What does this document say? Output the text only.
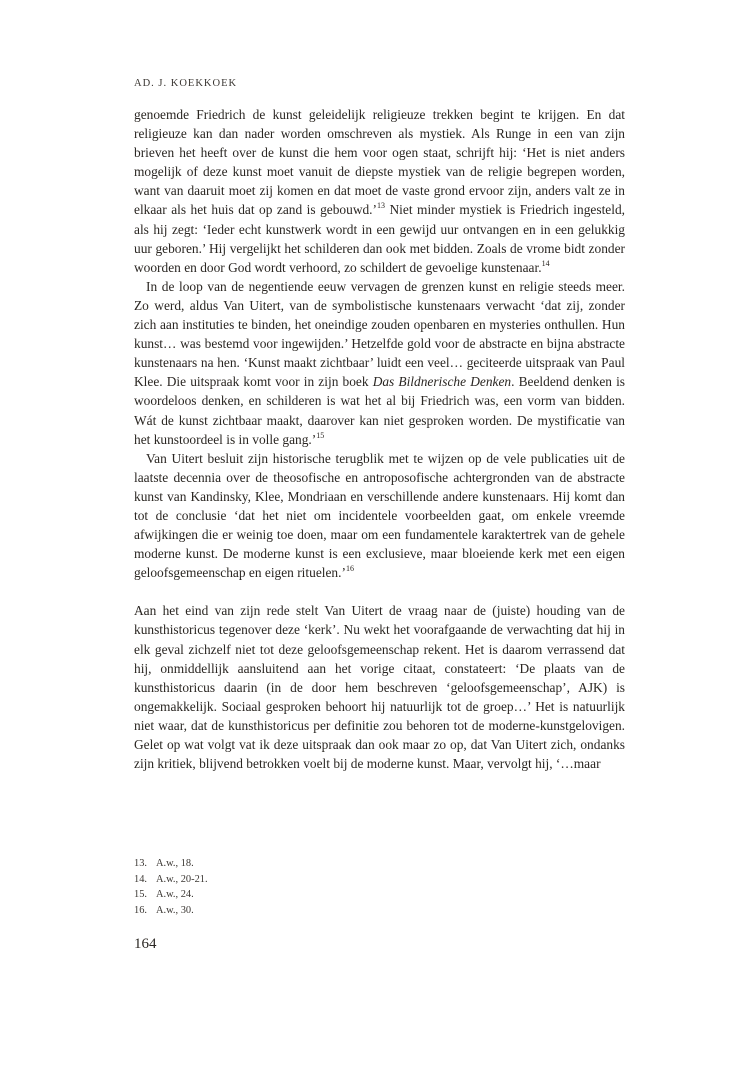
AD. J. KOEKKOEK

genoemde Friedrich de kunst geleidelijk religieuze trekken begint te krijgen. En dat religieuze kan dan nader worden omschreven als mystiek. Als Runge in een van zijn brieven het heeft over de kunst die hem voor ogen staat, schrijft hij: ‘Het is niet anders mogelijk of deze kunst moet vanuit de diepste mystiek van de religie begrepen worden, want van daaruit moet zij komen en dat moet de vaste grond ervoor zijn, anders valt ze in elkaar als het huis dat op zand is gebouwd.’$^{13}$ Niet minder mystiek is Friedrich ingesteld, als hij zegt: ‘Ieder echt kunstwerk wordt in een gewijd uur ontvangen en in een gelukkig uur geboren.’ Hij vergelijkt het schilderen dan ook met bidden. Zoals de vrome bidt zonder woorden en door God wordt verhoord, zo schildert de gevoelige kunstenaar.$^{14}$

In de loop van de negentiende eeuw vervagen de grenzen kunst en religie steeds meer. Zo werd, aldus Van Uitert, van de symbolistische kunstenaars verwacht ‘dat zij, zonder zich aan instituties te binden, het oneindige zouden openbaren en mysteries onthullen. Hun kunst… was bestemd voor ingewijden.’ Hetzelfde gold voor de abstracte en bijna abstracte kunstenaars na hen. ‘Kunst maakt zichtbaar’ luidt een veel… geciteerde uitspraak van Paul Klee. Die uitspraak komt voor in zijn boek Das Bildnerische Denken. Beeldend denken is woordeloos denken, en schilderen is wat het al bij Friedrich was, een vorm van bidden. Wát de kunst zichtbaar maakt, daarover kan niet gesproken worden. De mystificatie van het kunstoordeel is in volle gang.’$^{15}$

Van Uitert besluit zijn historische terugblik met te wijzen op de vele publicaties uit de laatste decennia over de theosofische en antroposofische achtergronden van de abstracte kunst van Kandinsky, Klee, Mondriaan en verschillende andere kunstenaars. Hij komt dan tot de conclusie ‘dat het niet om incidentele voorbeelden gaat, om enkele vreemde afwijkingen die er weinig toe doen, maar om een fundamentele karaktertrek van de gehele moderne kunst. De moderne kunst is een exclusieve, maar bloeiende kerk met een eigen geloofsgemeenschap en eigen rituelen.’$^{16}$

Aan het eind van zijn rede stelt Van Uitert de vraag naar de (juiste) houding van de kunsthistoricus tegenover deze ‘kerk’. Nu wekt het voorafgaande de verwachting dat hij in elk geval zichzelf niet tot deze geloofsgemeenschap rekent. Het is daarom verrassend dat hij, onmiddellijk aansluitend aan het vorige citaat, constateert: ‘De plaats van de kunsthistoricus daarin (in de door hem beschreven ‘geloofsgemeenschap’, AJK) is ongemakkelijk. Sociaal gesproken behoort hij natuurlijk tot de groep…’ Het is natuurlijk niet waar, dat de kunsthistoricus per definitie zou behoren tot de moderne-kunstgelovigen. Gelet op wat volgt vat ik deze uitspraak dan ook maar zo op, dat Van Uitert zich, ondanks zijn kritiek, blijvend betrokken voelt bij de moderne kunst. Maar, vervolgt hij, ‘…maar

13. A.w., 18.
14. A.w., 20-21.
15. A.w., 24.
16. A.w., 30.
164
